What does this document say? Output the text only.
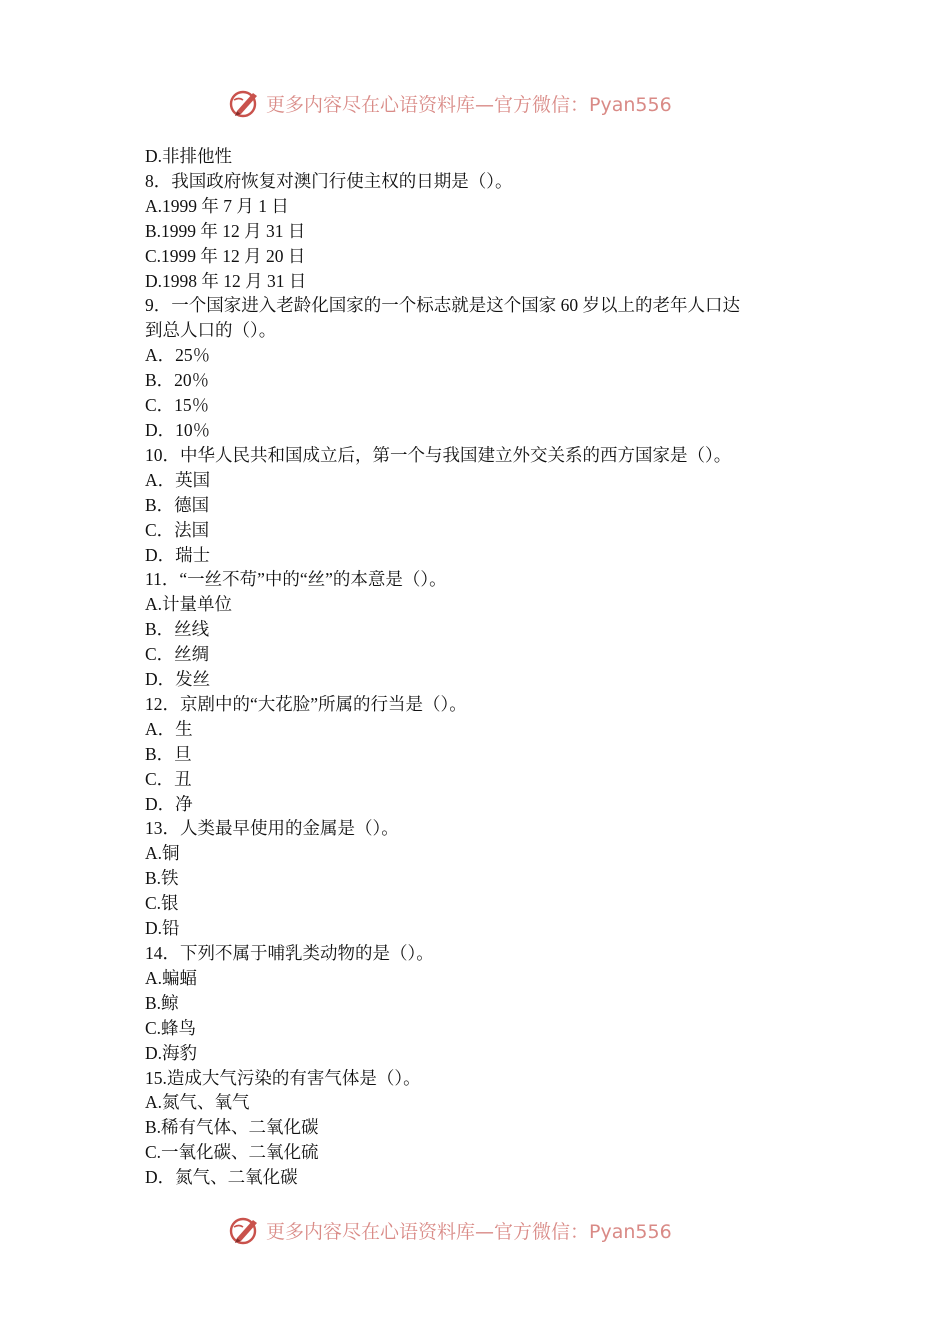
更多内容尽在心语资料库—官方微信：Pyan556
D.非排他性
8．我国政府恢复对澳门行使主权的日期是（）。
A.1999 年 7 月 1 日
B.1999 年 12 月 31 日
C.1999 年 12 月 20 日
D.1998 年 12 月 31 日
9．一个国家进入老龄化国家的一个标志就是这个国家 60 岁以上的老年人口达
到总人口的（）。
A．25％
B．20％
C．15％
D．10％
10．中华人民共和国成立后，第一个与我国建立外交关系的西方国家是（）。
A．英国
B．德国
C．法国
D．瑞士
11．“一丝不苟”中的“丝”的本意是（）。
A.计量单位
B．丝线
C．丝绸
D．发丝
12．京剧中的“大花脸”所属的行当是（）。
A．生
B．旦
C．丑
D．净
13．人类最早使用的金属是（）。
A.铜
B.铁
C.银
D.铅
14．下列不属于哺乳类动物的是（）。
A.蝙蝠
B.鲸
C.蜂鸟
D.海豹
15.造成大气污染的有害气体是（）。
A.氮气、氧气
B.稀有气体、二氧化碳
C.一氧化碳、二氧化硫
D．氮气、二氧化碳
更多内容尽在心语资料库—官方微信：Pyan556
